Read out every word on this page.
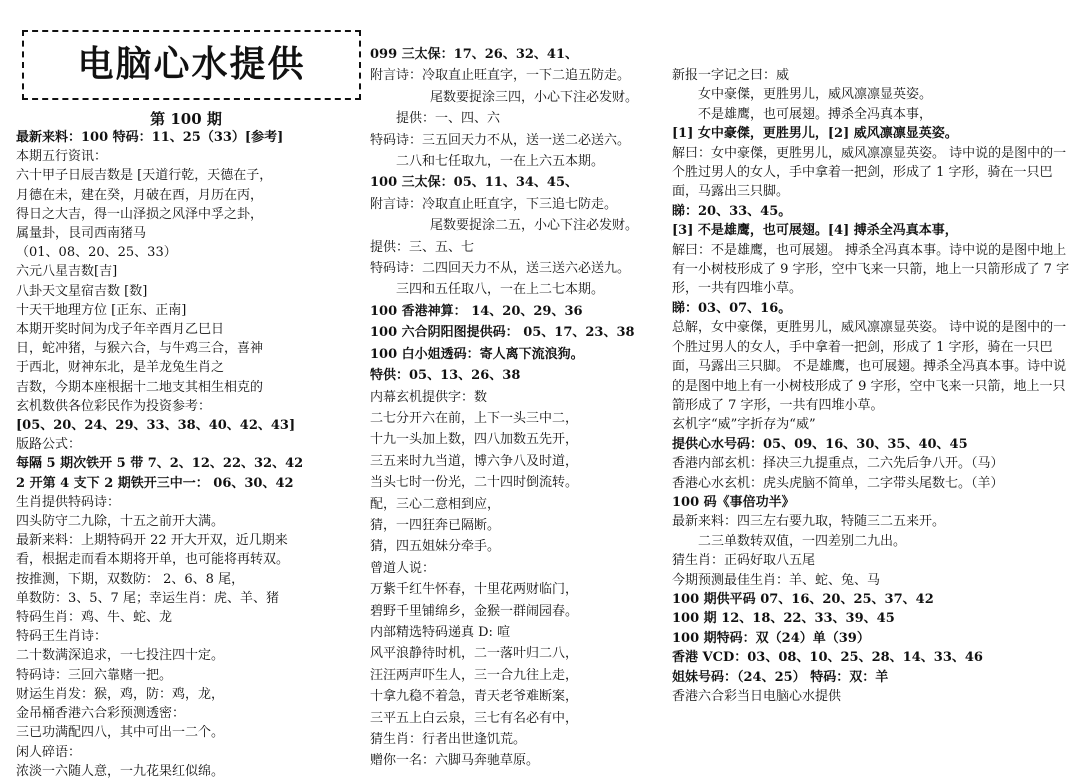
电脑心水提供
第 100 期
最新来料：100 特码：11、25（33）[参考]
本期五行资讯：
六十甲子日辰吉数是 [天道行乾，天德在子，
月德在未，建在癸，月破在酉，月历在丙，
得日之大吉，得一山泽损之风泽中孚之卦，
属量卦，艮司西南猪马
（01、08、20、25、33）
六元八星吉数[吉]
八卦天文星宿吉数 [数]
十天干地理方位 [正东、正南]
本期开奖时间为戊子年辛酉月乙巳日
日，蛇冲猪，与猴六合，与牛鸡三合，喜神
于西北，财神东北，是羊龙兔生肖之
吉数，今期本座根据十二地支其相生相克的
玄机数供各位彩民作为投资参考：
[05、20、24、29、33、38、40、42、43]
版路公式：
每隔 5 期次铁开 5 带 7、2、12、22、32、42
2 开第 4 支下 2 期铁开三中一： 06、30、42
生肖提供特码诗：
四头防守二九除，十五之前开大满。
最新来料：上期特码开 22 开大开双，近几期来
看，根据走而看本期将开单，也可能将再转双。
按推测，下期，双数防： 2、6、8 尾，
单数防：3、5、7 尾；幸运生肖：虎、羊、猪
特码生肖：鸡、牛、蛇、龙
特码王生肖诗：
二十数满深追求，一七投注四十定。
特码诗：三回六靠赌一把。
财运生肖发：猴，鸡，防：鸡，龙，
金吊桶香港六合彩预测透密：
三已功满配四八，其中可出一二个。
闲人碎语：
浓淡一六随人意，一九花果红似绵。
099 三太保：17、26、32、41、
附言诗：冷取直止旺直字，一下二追五防走。
尾数要捉涂三四，小心下注必发财。
提供：一、四、六
特码诗：三五回天力不从，送一送二必送六。
二八和七任取九，一在上六五本期。
100 三太保：05、11、34、45、
附言诗：冷取直止旺直字，下三追七防走。
尾数要捉涂二五，小心下注必发财。
提供：三、五、七
特码诗：二四回天力不从，送三送六必送九。
三四和五任取八，一在上二七本期。
100 香港神算： 14、20、29、36
100 六合阴阳图提供码： 05、17、23、38
100 白小姐透码：寄人离下流浪狗。
特供：05、13、26、38
内幕玄机提供字：数
二七分开六在前，上下一头三中二，
十九一头加上数，四八加数五先开，
三五来时九当道，博六争八及时道，
当头七时一份光，二十四时倒流转。
配，三心二意相到应，
猜，一四狂奔已隔断。
猜，四五姐妹分牵手。
曾道人说：
万紫千红牛怀春，十里花两财临门，
碧野千里铺绵乡，金猴一群闹园春。
内部精选特码递真 D: 喧
风平浪静待时机，二一落叶归二八，
汪汪两声吓生人，三一合九往上走，
十拿九稳不着急，青天老爷难断案，
三平五上白云泉，三七有名必有中，
猜生肖：行者出世逢饥荒。
赠你一名：六脚马奔驰草原。
新报一字记之曰：威
女中豪傑，更胜男儿，威风凛凛显英姿。
不是雄鹰，也可展翅。搏杀全冯真本事，
[1] 女中豪傑，更胜男儿，[2] 威风凛凛显英姿。
解曰：女中豪傑，更胜男儿，威风凛凛显英姿。 诗中说的是图中的一个胜过男人的女人，手中拿着一把剑，形成了 1 字形，骑在一只巴面，马露出三只脚。
睇：20、33、45。
[3] 不是雄鹰，也可展翅。[4] 搏杀全冯真本事，
解曰：不是雄鹰，也可展翅。 搏杀全冯真本事。诗中说的是图中地上有一小树枝形成了 9 字形，空中飞来一只箭，地上一只箭形成了 7 字形，一共有四堆小草。
睇：03、07、16。
总解，女中豪傑，更胜男儿，威风凛凛显英姿。 诗中说的是图中的一个胜过男人的女人，手中拿着一把剑，形成了 1 字形，骑在一只巴面，马露出三只脚。 不是雄鹰，也可展翅。搏杀全冯真本事。诗中说的是图中地上有一小树枝形成了 9 字形，空中飞来一只箭，地上一只箭形成了 7 字形，一共有四堆小草。
玄机字“威”字折存为“威”
提供心水号码：05、09、16、30、35、40、45
香港内部玄机：择决三九提重点，二六先后争八开。（马）
香港心水玄机：虎头虎脑不简单，二字带头尾数七。（羊）
100 码《事倍功半》
最新来料：四三左右要九取，特随三二五来开。
二三单数转双值，一四差别二九出。
猜生肖：正码好取八五尾
今期预测最佳生肖：羊、蛇、兔、马
100 期供平码 07、16、20、25、37、42
100 期 12、18、22、33、39、45
100 期特码：双（24）单（39）
香港 VCD：03、08、10、25、28、14、33、46
姐妹号码：（24、25） 特码：双：羊
香港六合彩当日电脑心水提供
